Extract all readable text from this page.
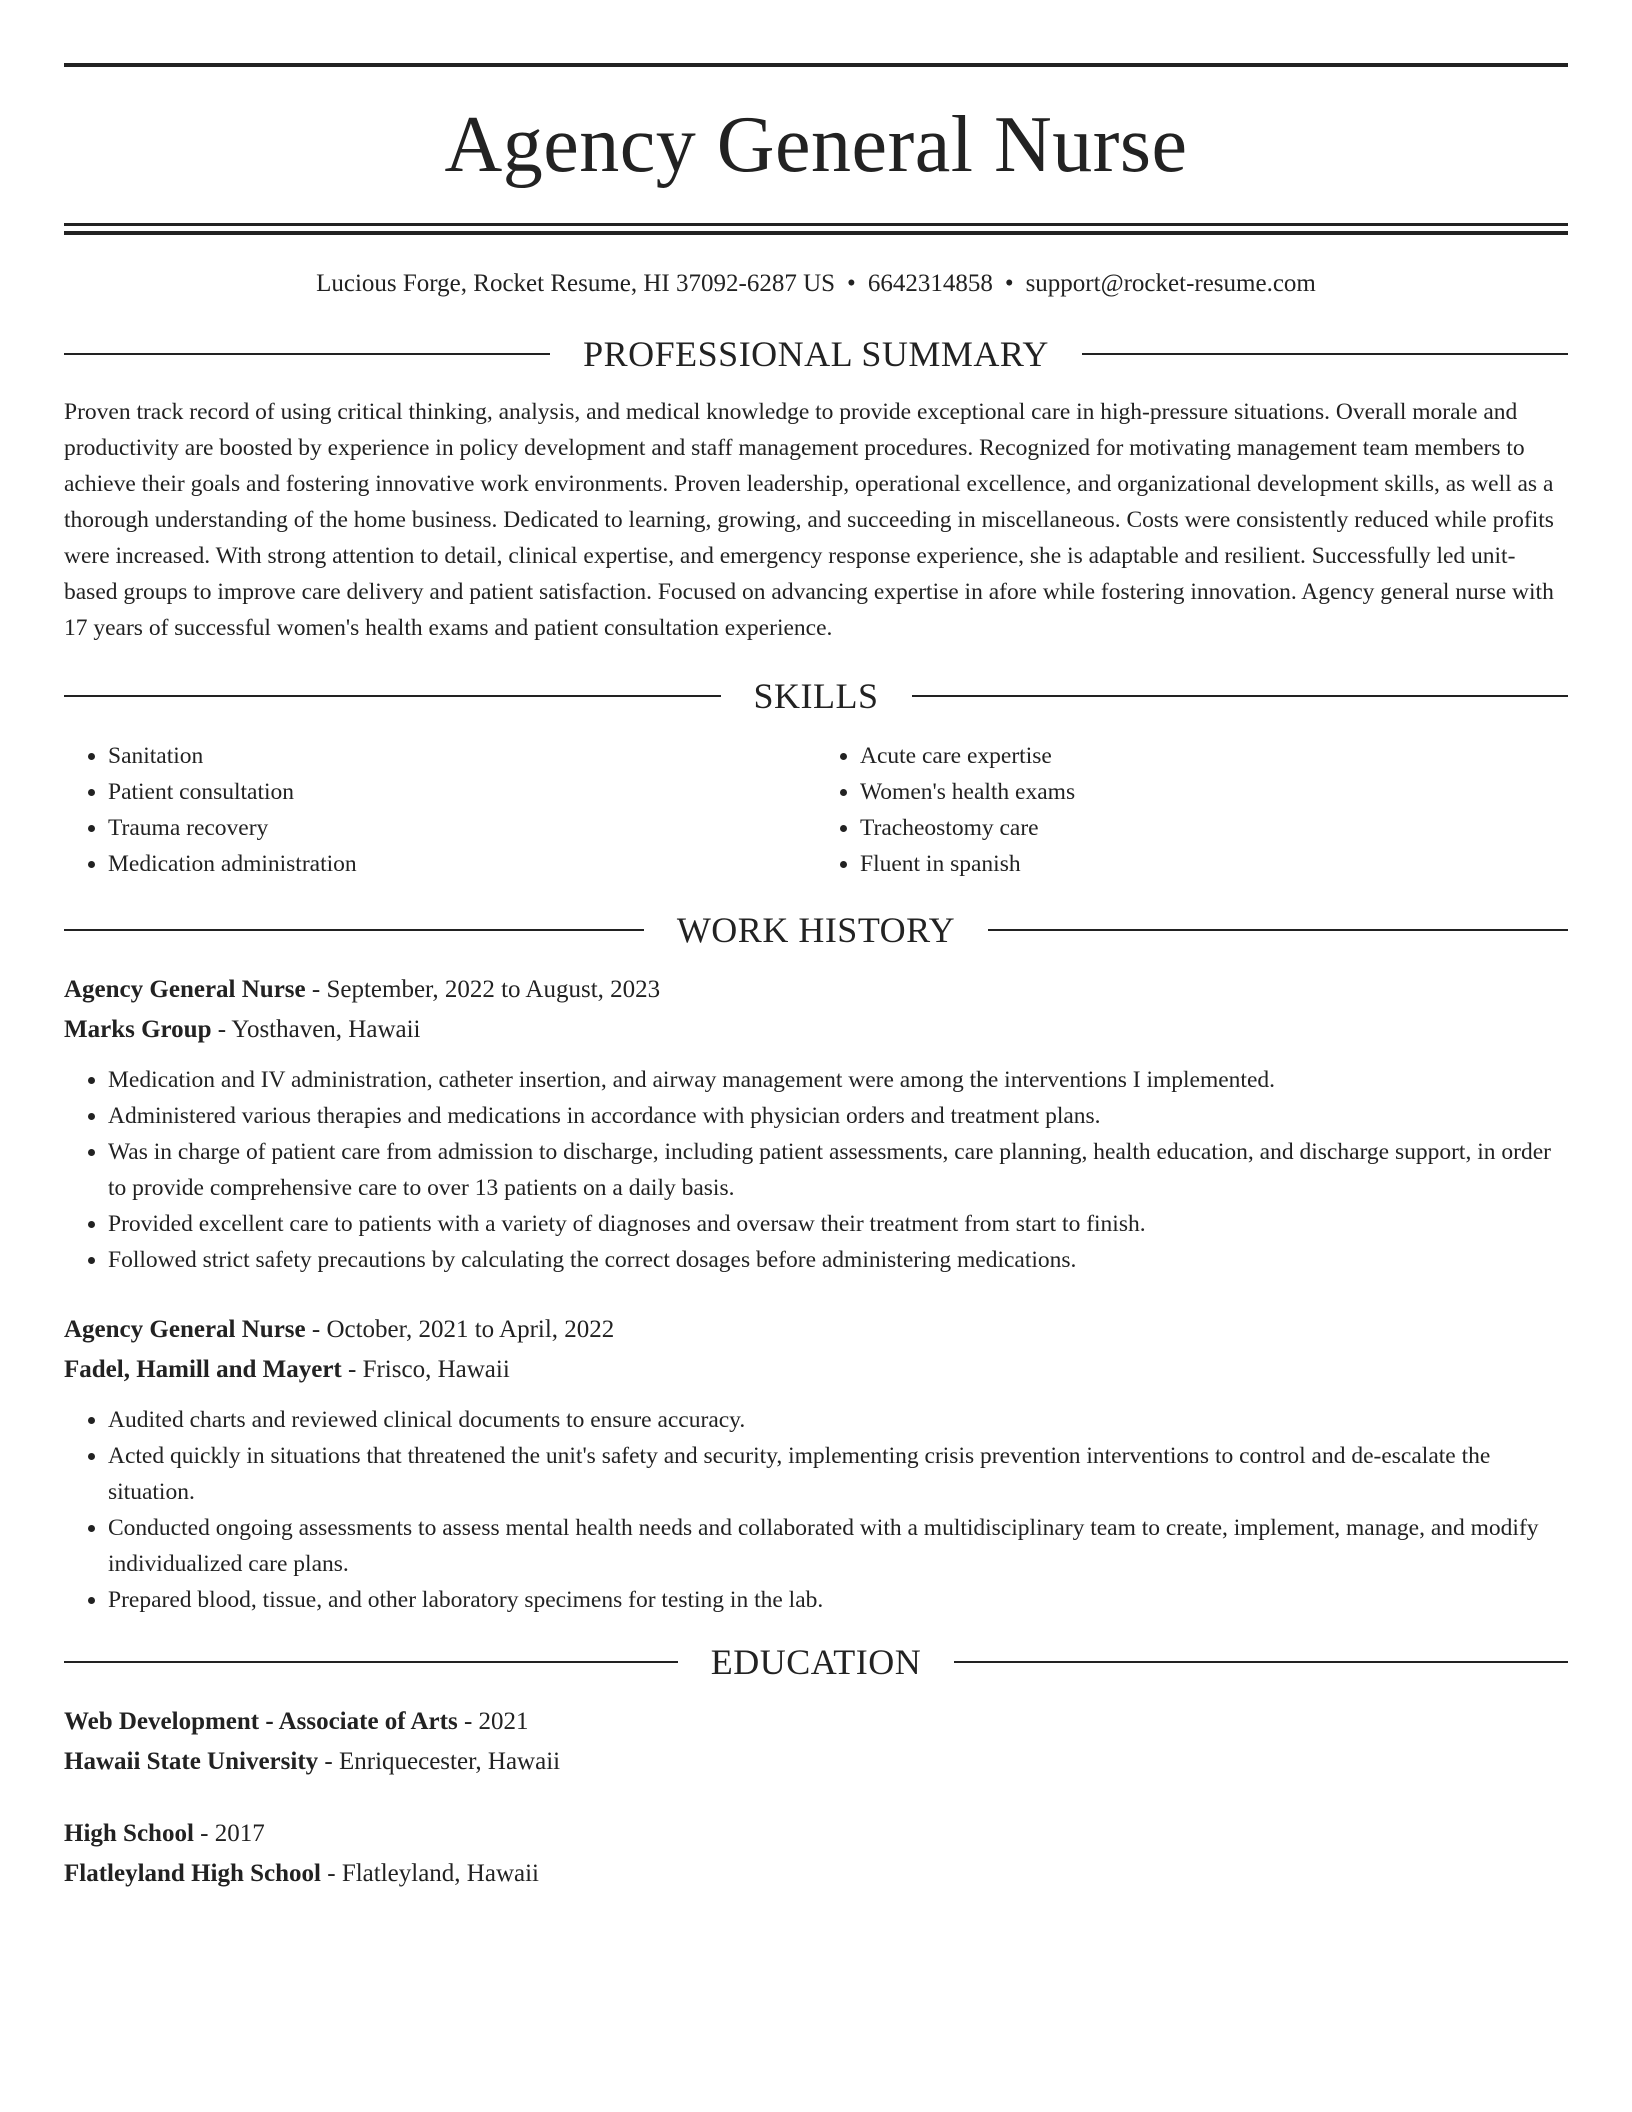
Agency General Nurse
Lucious Forge, Rocket Resume, HI 37092-6287 US • 6642314858 • support@rocket-resume.com
PROFESSIONAL SUMMARY

Proven track record of using critical thinking, analysis, and medical knowledge to provide exceptional care in high-pressure situations. Overall morale and productivity are boosted by experience in policy development and staff management procedures. Recognized for motivating management team members to achieve their goals and fostering innovative work environments. Proven leadership, operational excellence, and organizational development skills, as well as a thorough understanding of the home business. Dedicated to learning, growing, and succeeding in miscellaneous. Costs were consistently reduced while profits were increased. With strong attention to detail, clinical expertise, and emergency response experience, she is adaptable and resilient. Successfully led unit-based groups to improve care delivery and patient satisfaction. Focused on advancing expertise in afore while fostering innovation. Agency general nurse with 17 years of successful women's health exams and patient consultation experience.

SKILLS
• Sanitation
• Patient consultation
• Trauma recovery
• Medication administration
• Acute care expertise
• Women's health exams
• Tracheostomy care
• Fluent in spanish
WORK HISTORY
Agency General Nurse - September, 2022 to August, 2023
Marks Group - Yosthaven, Hawaii
• Medication and IV administration, catheter insertion, and airway management were among the interventions I implemented.
• Administered various therapies and medications in accordance with physician orders and treatment plans.
• Was in charge of patient care from admission to discharge, including patient assessments, care planning, health education, and discharge support, in order to provide comprehensive care to over 13 patients on a daily basis.
• Provided excellent care to patients with a variety of diagnoses and oversaw their treatment from start to finish.
• Followed strict safety precautions by calculating the correct dosages before administering medications.
Agency General Nurse - October, 2021 to April, 2022
Fadel, Hamill and Mayert - Frisco, Hawaii
• Audited charts and reviewed clinical documents to ensure accuracy.
• Acted quickly in situations that threatened the unit's safety and security, implementing crisis prevention interventions to control and de-escalate the situation.
• Conducted ongoing assessments to assess mental health needs and collaborated with a multidisciplinary team to create, implement, manage, and modify individualized care plans.
• Prepared blood, tissue, and other laboratory specimens for testing in the lab.
EDUCATION
Web Development - Associate of Arts - 2021
Hawaii State University - Enriquecester, Hawaii
High School - 2017
Flatleyland High School - Flatleyland, Hawaii
